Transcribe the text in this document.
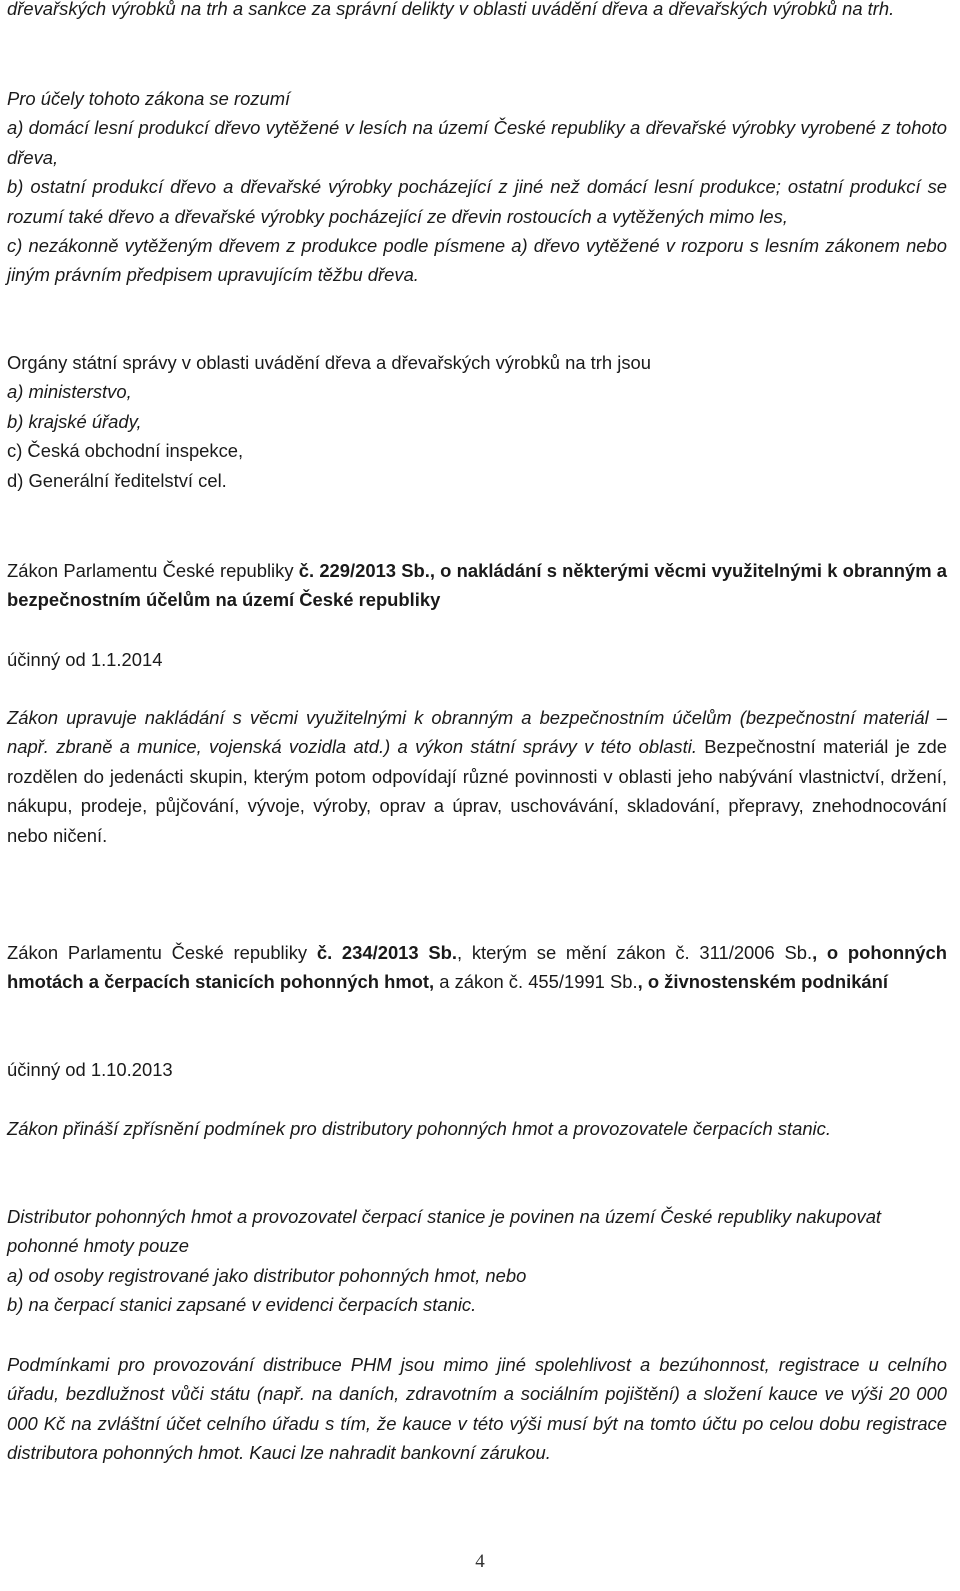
dřevařských výrobků na trh a sankce za správní delikty v oblasti uvádění dřeva a dřevařských výrobků na trh.

Pro účely tohoto zákona se rozumí
a) domácí lesní produkcí dřevo vytěžené v lesích na území České republiky a dřevařské výrobky vyrobené z tohoto dřeva,
b) ostatní produkcí dřevo a dřevařské výrobky pocházející z jiné než domácí lesní produkce; ostatní produkcí se rozumí také dřevo a dřevařské výrobky pocházející ze dřevin rostoucích a vytěžených mimo les,
c) nezákonně vytěženým dřevem z produkce podle písmene a) dřevo vytěžené v rozporu s lesním zákonem nebo jiným právním předpisem upravujícím těžbu dřeva.

Orgány státní správy v oblasti uvádění dřeva a dřevařských výrobků na trh jsou
a) ministerstvo,
b) krajské úřady,
c) Česká obchodní inspekce,
d) Generální ředitelství cel.

Zákon Parlamentu České republiky č. 229/2013 Sb., o nakládání s některými věcmi využitelnými k obranným a bezpečnostním účelům na území České republiky

účinný od 1.1.2014

Zákon upravuje nakládání s věcmi využitelnými k obranným a bezpečnostním účelům (bezpečnostní materiál – např. zbraně a munice, vojenská vozidla atd.) a výkon státní správy v této oblasti. Bezpečnostní materiál je zde rozdělen do jedenácti skupin, kterým potom odpovídají různé povinnosti v oblasti jeho nabývání vlastnictví, držení, nákupu, prodeje, půjčování, vývoje, výroby, oprav a úprav, uschovávání, skladování, přepravy, znehodnocování nebo ničení.

Zákon Parlamentu České republiky č. 234/2013 Sb., kterým se mění zákon č. 311/2006 Sb., o pohonných hmotách a čerpacích stanicích pohonných hmot, a zákon č. 455/1991 Sb., o živnostenském podnikání

účinný od 1.10.2013

Zákon přináší zpřísnění podmínek pro distributory pohonných hmot a provozovatele čerpacích stanic.

Distributor pohonných hmot a provozovatel čerpací stanice je povinen na území České republiky nakupovat pohonné hmoty pouze
a) od osoby registrované jako distributor pohonných hmot, nebo
b) na čerpací stanici zapsané v evidenci čerpacích stanic.

Podmínkami pro provozování distribuce PHM jsou mimo jiné spolehlivost a bezúhonnost, registrace u celního úřadu, bezdlužnost vůči státu (např. na daních, zdravotním a sociálním pojištění) a složení kauce ve výši 20 000 000 Kč na zvláštní účet celního úřadu s tím, že kauce v této výši musí být na tomto účtu po celou dobu registrace distributora pohonných hmot. Kauci lze nahradit bankovní zárukou.

4
